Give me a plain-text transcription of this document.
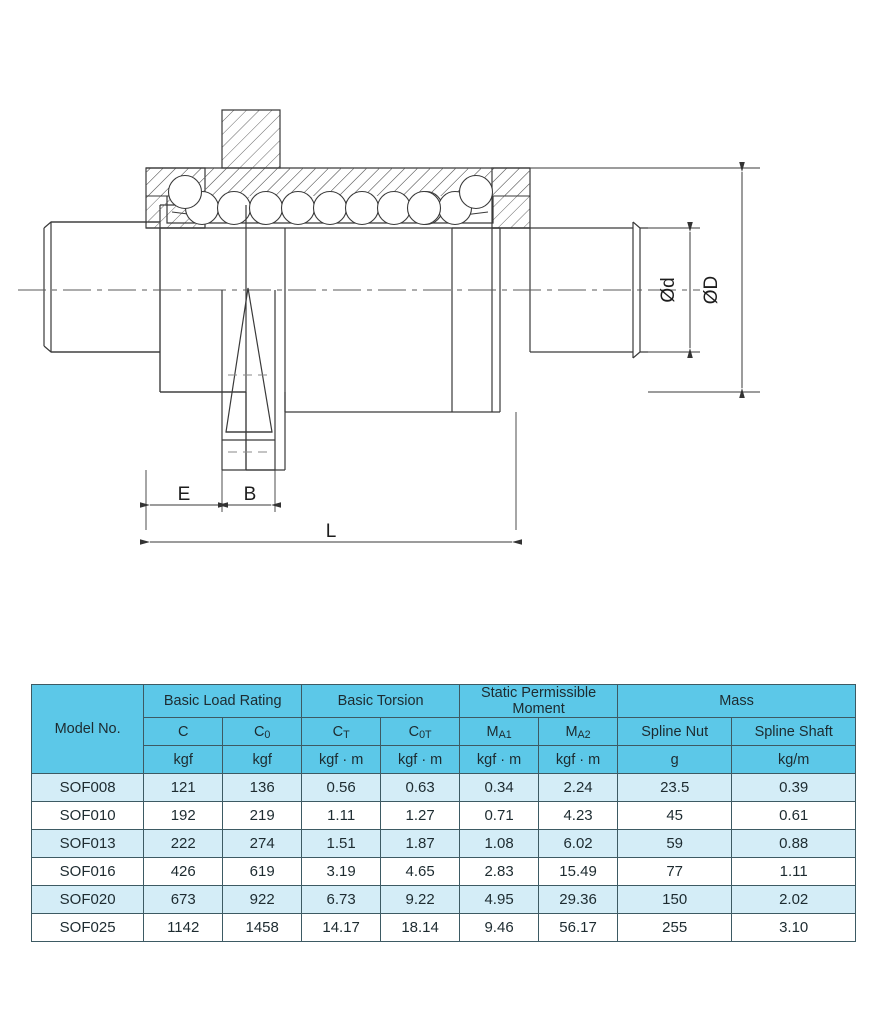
ØD
Ød
E	B
L
Model No.	Basic Load Rating		Basic Torsion		Static Permissible Moment		Mass	
	C	$C_0$	$C_T$	$C_{0T}$	$M_{A1}$	$M_{A2}$	Spline Nut	Spline Shaft
	kgf	kgf	kgf · m	kgf · m	kgf · m	kgf · m	g	kg/m
SOF008	121	136	0.56	0.63	0.34	2.24	23.5	0.39
SOF010	192	219	1.11	1.27	0.71	4.23	45	0.61
SOF013	222	274	1.51	1.87	1.08	6.02	59	0.88
SOF016	426	619	3.19	4.65	2.83	15.49	77	1.11
SOF020	673	922	6.73	9.22	4.95	29.36	150	2.02
SOF025	1142	1458	14.17	18.14	9.46	56.17	255	3.10
